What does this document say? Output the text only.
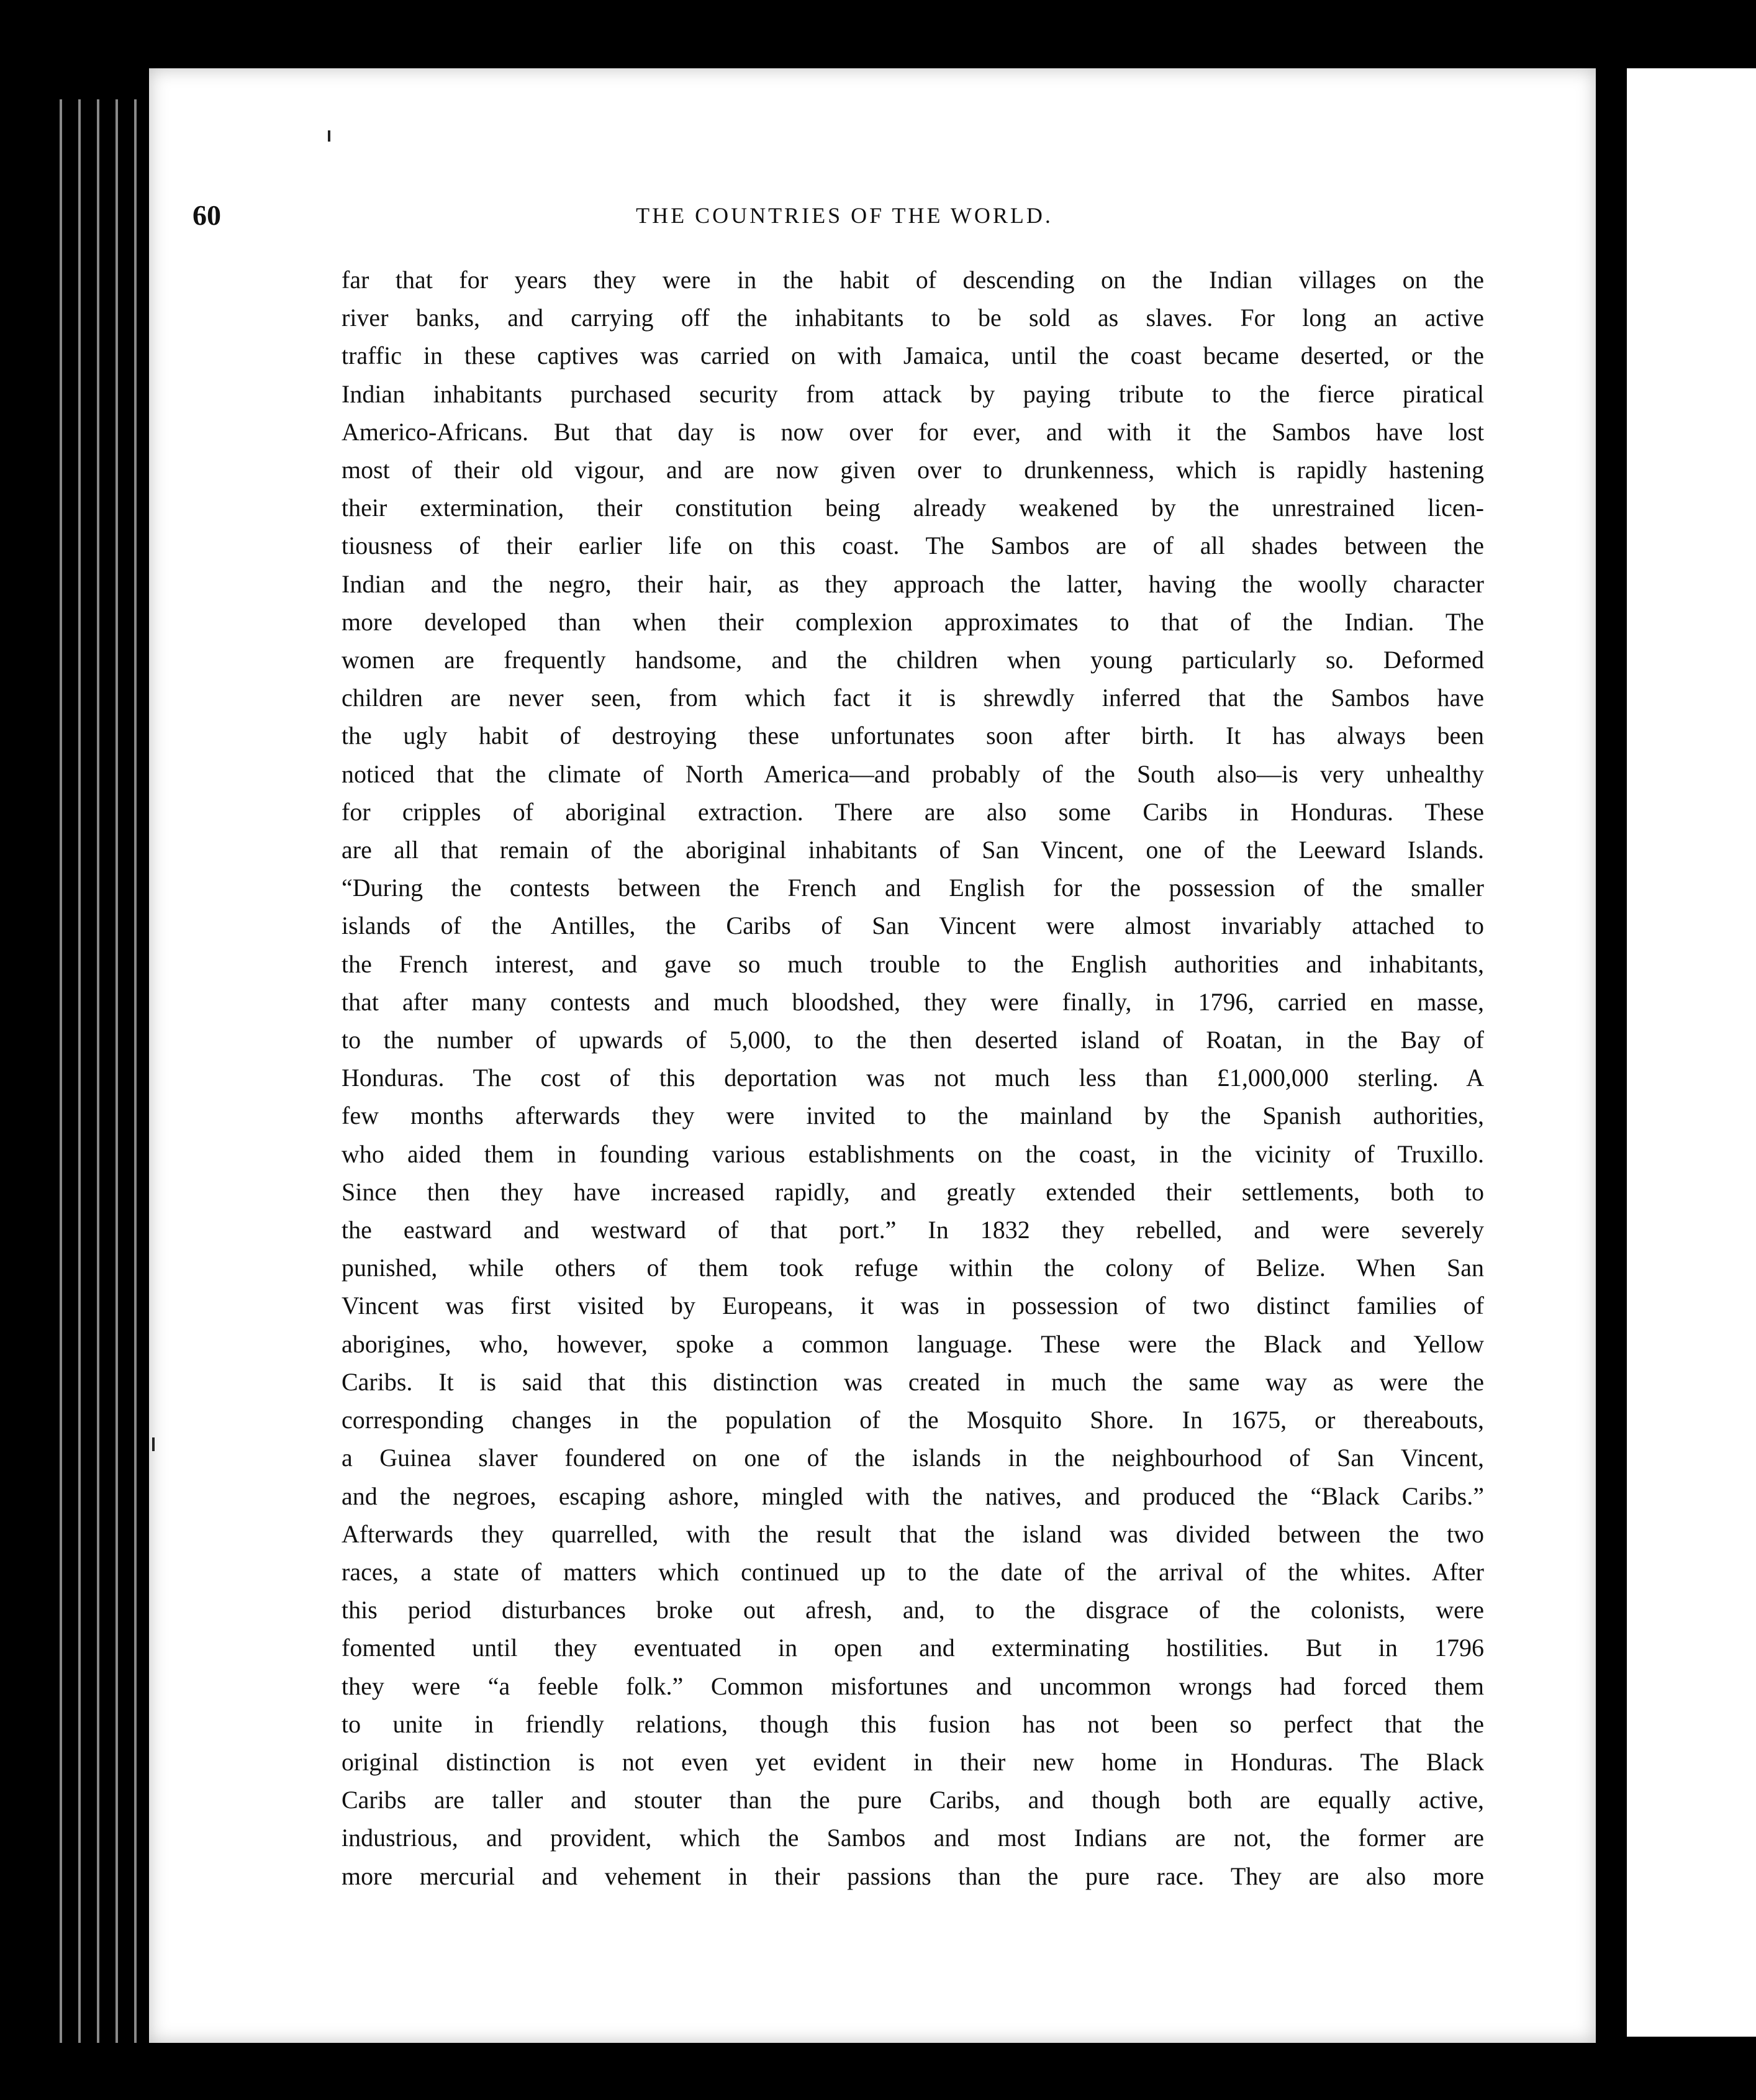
60	THE COUNTRIES OF THE WORLD.
far that for years they were in the habit of descending on the Indian villages on the
river banks, and carrying off the inhabitants to be sold as slaves. For long an active
traffic in these captives was carried on with Jamaica, until the coast became deserted, or the
Indian inhabitants purchased security from attack by paying tribute to the fierce piratical
Americo-Africans. But that day is now over for ever, and with it the Sambos have lost
most of their old vigour, and are now given over to drunkenness, which is rapidly hastening
their extermination, their constitution being already weakened by the unrestrained licen-
tiousness of their earlier life on this coast. The Sambos are of all shades between the
Indian and the negro, their hair, as they approach the latter, having the woolly character
more developed than when their complexion approximates to that of the Indian. The
women are frequently handsome, and the children when young particularly so. Deformed
children are never seen, from which fact it is shrewdly inferred that the Sambos have
the ugly habit of destroying these unfortunates soon after birth. It has always been
noticed that the climate of North America—and probably of the South also—is very unhealthy
for cripples of aboriginal extraction. There are also some Caribs in Honduras. These
are all that remain of the aboriginal inhabitants of San Vincent, one of the Leeward Islands.
“During the contests between the French and English for the possession of the smaller
islands of the Antilles, the Caribs of San Vincent were almost invariably attached to
the French interest, and gave so much trouble to the English authorities and inhabitants,
that after many contests and much bloodshed, they were finally, in 1796, carried en masse,
to the number of upwards of 5,000, to the then deserted island of Roatan, in the Bay of
Honduras. The cost of this deportation was not much less than £1,000,000 sterling. A
few months afterwards they were invited to the mainland by the Spanish authorities,
who aided them in founding various establishments on the coast, in the vicinity of Truxillo.
Since then they have increased rapidly, and greatly extended their settlements, both to
the eastward and westward of that port.” In 1832 they rebelled, and were severely
punished, while others of them took refuge within the colony of Belize. When San
Vincent was first visited by Europeans, it was in possession of two distinct families of
aborigines, who, however, spoke a common language. These were the Black and Yellow
Caribs. It is said that this distinction was created in much the same way as were the
corresponding changes in the population of the Mosquito Shore. In 1675, or thereabouts,
a Guinea slaver foundered on one of the islands in the neighbourhood of San Vincent,
and the negroes, escaping ashore, mingled with the natives, and produced the “Black Caribs.”
Afterwards they quarrelled, with the result that the island was divided between the two
races, a state of matters which continued up to the date of the arrival of the whites. After
this period disturbances broke out afresh, and, to the disgrace of the colonists, were
fomented until they eventuated in open and exterminating hostilities. But in 1796
they were “a feeble folk.” Common misfortunes and uncommon wrongs had forced them
to unite in friendly relations, though this fusion has not been so perfect that the
original distinction is not even yet evident in their new home in Honduras. The Black
Caribs are taller and stouter than the pure Caribs, and though both are equally active,
industrious, and provident, which the Sambos and most Indians are not, the former are
more mercurial and vehement in their passions than the pure race. They are also more
